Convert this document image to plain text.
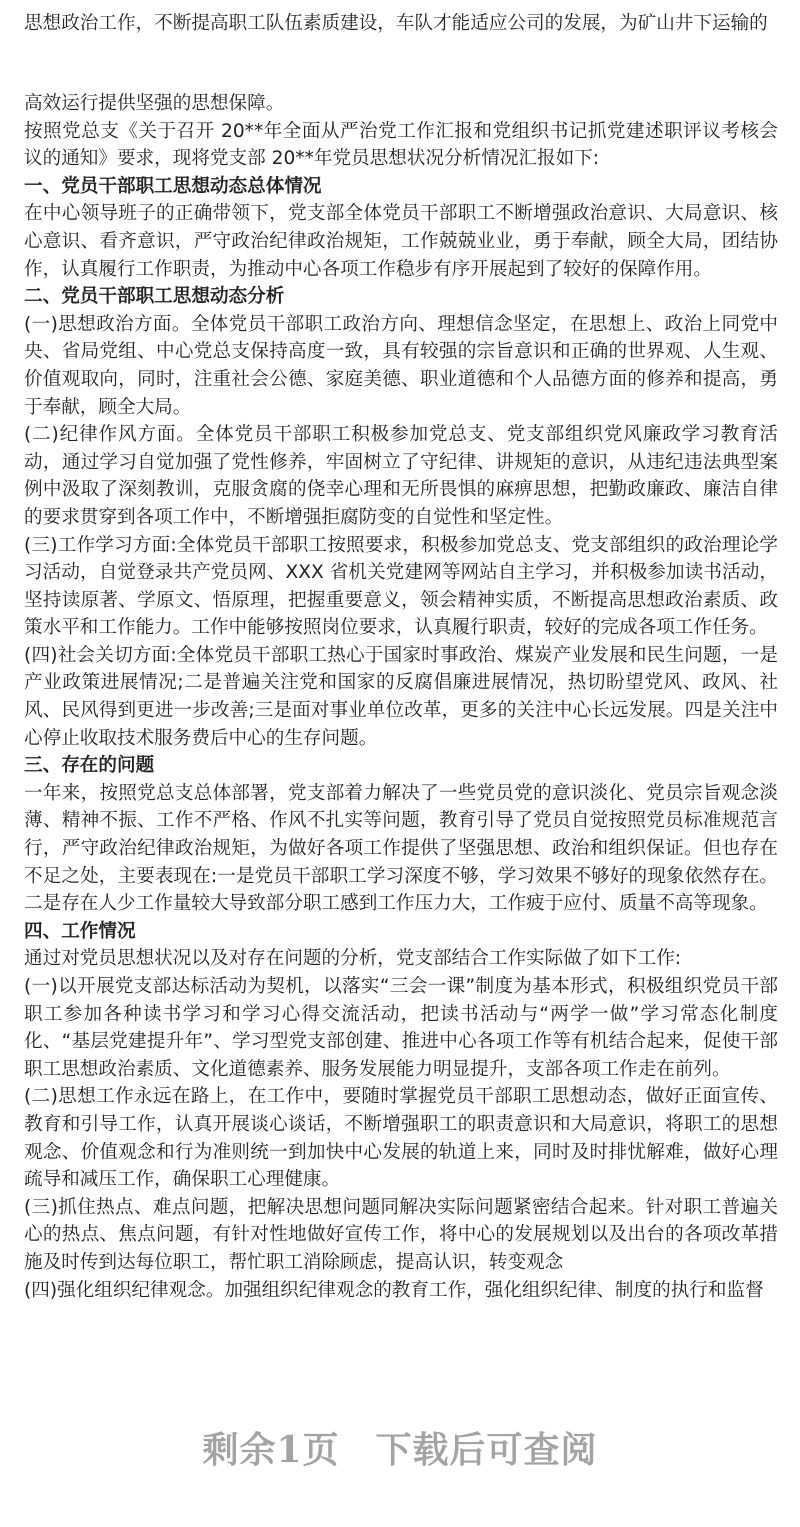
思想政治工作，不断提高职工队伍素质建设，车队才能适应公司的发展，为矿山井下运输的

高效运行提供坚强的思想保障。

按照党总支《关于召开 20**年全面从严治党工作汇报和党组织书记抓党建述职评议考核会议的通知》要求，现将党支部 20**年党员思想状况分析情况汇报如下:

一、党员干部职工思想动态总体情况

在中心领导班子的正确带领下，党支部全体党员干部职工不断增强政治意识、大局意识、核心意识、看齐意识，严守政治纪律政治规矩，工作兢兢业业，勇于奉献，顾全大局，团结协作，认真履行工作职责，为推动中心各项工作稳步有序开展起到了较好的保障作用。

二、党员干部职工思想动态分析

(一)思想政治方面。全体党员干部职工政治方向、理想信念坚定，在思想上、政治上同党中央、省局党组、中心党总支保持高度一致，具有较强的宗旨意识和正确的世界观、人生观、价值观取向，同时，注重社会公德、家庭美德、职业道德和个人品德方面的修养和提高，勇于奉献，顾全大局。

(二)纪律作风方面。全体党员干部职工积极参加党总支、党支部组织党风廉政学习教育活动，通过学习自觉加强了党性修养，牢固树立了守纪律、讲规矩的意识，从违纪违法典型案例中汲取了深刻教训，克服贪腐的侥幸心理和无所畏惧的麻痹思想，把勤政廉政、廉洁自律的要求贯穿到各项工作中，不断增强拒腐防变的自觉性和坚定性。

(三)工作学习方面:全体党员干部职工按照要求，积极参加党总支、党支部组织的政治理论学习活动，自觉登录共产党员网、XXX 省机关党建网等网站自主学习，并积极参加读书活动，坚持读原著、学原文、悟原理，把握重要意义，领会精神实质，不断提高思想政治素质、政策水平和工作能力。工作中能够按照岗位要求，认真履行职责，较好的完成各项工作任务。

(四)社会关切方面:全体党员干部职工热心于国家时事政治、煤炭产业发展和民生问题，一是产业政策进展情况;二是普遍关注党和国家的反腐倡廉进展情况，热切盼望党风、政风、社风、民风得到更进一步改善;三是面对事业单位改革，更多的关注中心长远发展。四是关注中心停止收取技术服务费后中心的生存问题。

三、存在的问题

一年来，按照党总支总体部署，党支部着力解决了一些党员党的意识淡化、党员宗旨观念淡薄、精神不振、工作不严格、作风不扎实等问题，教育引导了党员自觉按照党员标准规范言行，严守政治纪律政治规矩，为做好各项工作提供了坚强思想、政治和组织保证。但也存在不足之处，主要表现在:一是党员干部职工学习深度不够，学习效果不够好的现象依然存在。二是存在人少工作量较大导致部分职工感到工作压力大，工作疲于应付、质量不高等现象。

四、工作情况

通过对党员思想状况以及对存在问题的分析，党支部结合工作实际做了如下工作:

(一)以开展党支部达标活动为契机，以落实“三会一课”制度为基本形式，积极组织党员干部职工参加各种读书学习和学习心得交流活动，把读书活动与“两学一做”学习常态化制度化、“基层党建提升年”、学习型党支部创建、推进中心各项工作等有机结合起来，促使干部职工思想政治素质、文化道德素养、服务发展能力明显提升，支部各项工作走在前列。

(二)思想工作永远在路上，在工作中，要随时掌握党员干部职工思想动态，做好正面宣传、教育和引导工作，认真开展谈心谈话，不断增强职工的职责意识和大局意识，将职工的思想观念、价值观念和行为准则统一到加快中心发展的轨道上来，同时及时排忧解难，做好心理疏导和减压工作，确保职工心理健康。

(三)抓住热点、难点问题，把解决思想问题同解决实际问题紧密结合起来。针对职工普遍关心的热点、焦点问题，有针对性地做好宣传工作，将中心的发展规划以及出台的各项改革措施及时传到达每位职工，帮忙职工消除顾虑，提高认识，转变观念

(四)强化组织纪律观念。加强组织纪律观念的教育工作，强化组织纪律、制度的执行和监督

剩余1页 下载后可查阅
